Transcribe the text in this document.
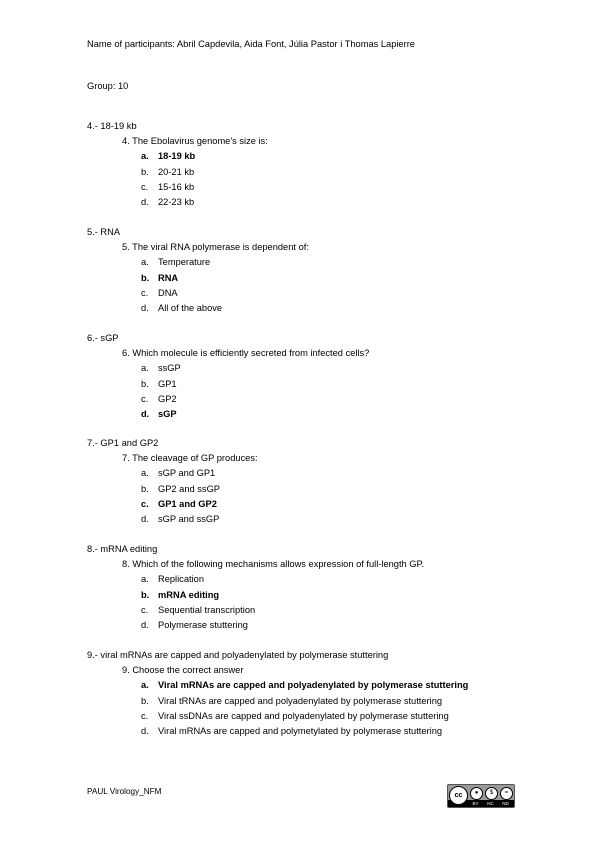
Name of participants: Abril Capdevila, Aida Font, Júlia Pastor i Thomas Lapierre
Group: 10
4.- 18-19 kb
4. The Ebolavirus genome's size is:
a. 18-19 kb
b. 20-21 kb
c. 15-16 kb
d. 22-23 kb
5.- RNA
5. The viral RNA polymerase is dependent of:
a. Temperature
b. RNA
c. DNA
d. All of the above
6.- sGP
6. Which molecule is efficiently secreted from infected cells?
a. ssGP
b. GP1
c. GP2
d. sGP
7.- GP1 and GP2
7. The cleavage of GP produces:
a. sGP and GP1
b. GP2 and ssGP
c. GP1 and GP2
d. sGP and ssGP
8.- mRNA editing
8. Which of the following mechanisms allows expression of full-length GP.
a. Replication
b. mRNA editing
c. Sequential transcription
d. Polymerase stuttering
9.- viral mRNAs are capped and polyadenylated by polymerase stuttering
9. Choose the correct answer
a. Viral mRNAs are capped and polyadenylated by polymerase stuttering
b. Viral tRNAs are capped and polyadenylated by polymerase stuttering
c. Viral ssDNAs are capped and polyadenylated by polymerase stuttering
d. Viral mRNAs are capped and polymetylated by polymerase stuttering
PAUL Virology_NFM	cc	●	$	=
BY NC ND
